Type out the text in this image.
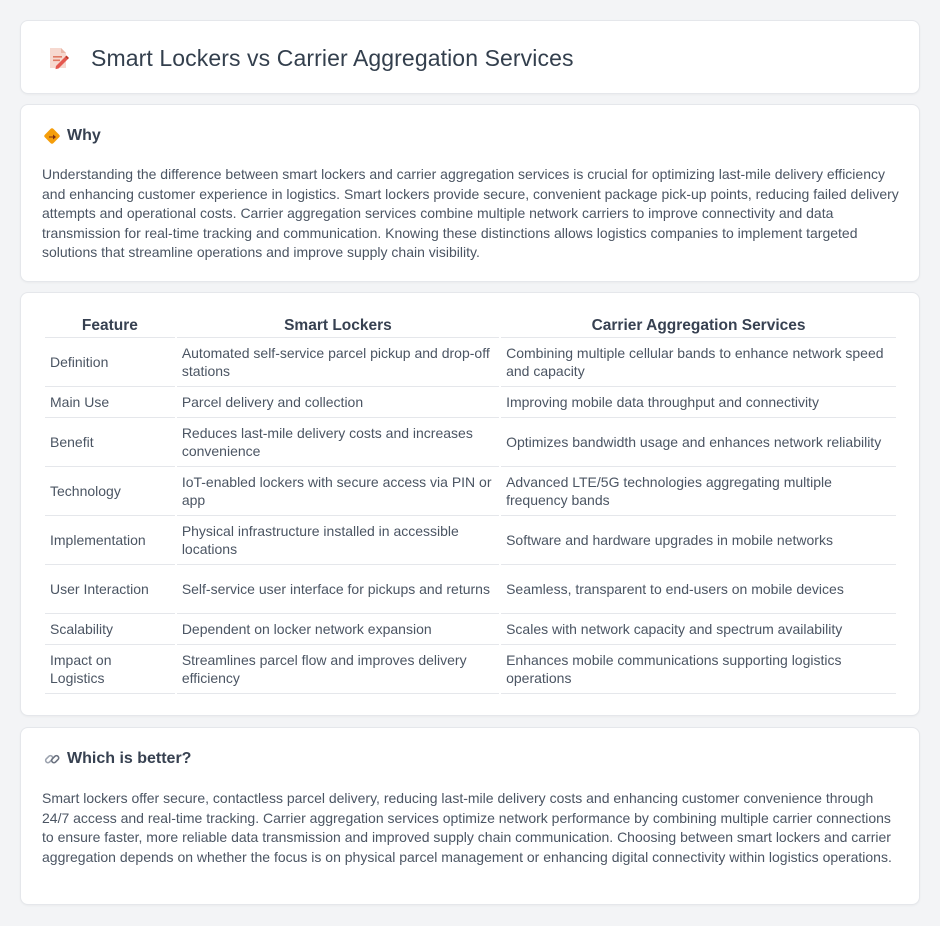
Smart Lockers vs Carrier Aggregation Services
Why

Understanding the difference between smart lockers and carrier aggregation services is crucial for optimizing last-mile delivery efficiency and enhancing customer experience in logistics. Smart lockers provide secure, convenient package pick-up points, reducing failed delivery attempts and operational costs. Carrier aggregation services combine multiple network carriers to improve connectivity and data transmission for real-time tracking and communication. Knowing these distinctions allows logistics companies to implement targeted solutions that streamline operations and improve supply chain visibility.

Feature	Smart Lockers	Carrier Aggregation Services
Definition	Automated self-service parcel pickup and drop-off stations	Combining multiple cellular bands to enhance network speed and capacity
Main Use	Parcel delivery and collection	Improving mobile data throughput and connectivity
Benefit	Reduces last-mile delivery costs and increases convenience	Optimizes bandwidth usage and enhances network reliability
Technology	IoT-enabled lockers with secure access via PIN or app	Advanced LTE/5G technologies aggregating multiple frequency bands
Implementation	Physical infrastructure installed in accessible locations	Software and hardware upgrades in mobile networks
User Interaction	Self-service user interface for pickups and returns	Seamless, transparent to end-users on mobile devices
Scalability	Dependent on locker network expansion	Scales with network capacity and spectrum availability
Impact on Logistics	Streamlines parcel flow and improves delivery efficiency	Enhances mobile communications supporting logistics operations
Which is better?

Smart lockers offer secure, contactless parcel delivery, reducing last-mile delivery costs and enhancing customer convenience through 24/7 access and real-time tracking. Carrier aggregation services optimize network performance by combining multiple carrier connections to ensure faster, more reliable data transmission and improved supply chain communication. Choosing between smart lockers and carrier aggregation depends on whether the focus is on physical parcel management or enhancing digital connectivity within logistics operations.
